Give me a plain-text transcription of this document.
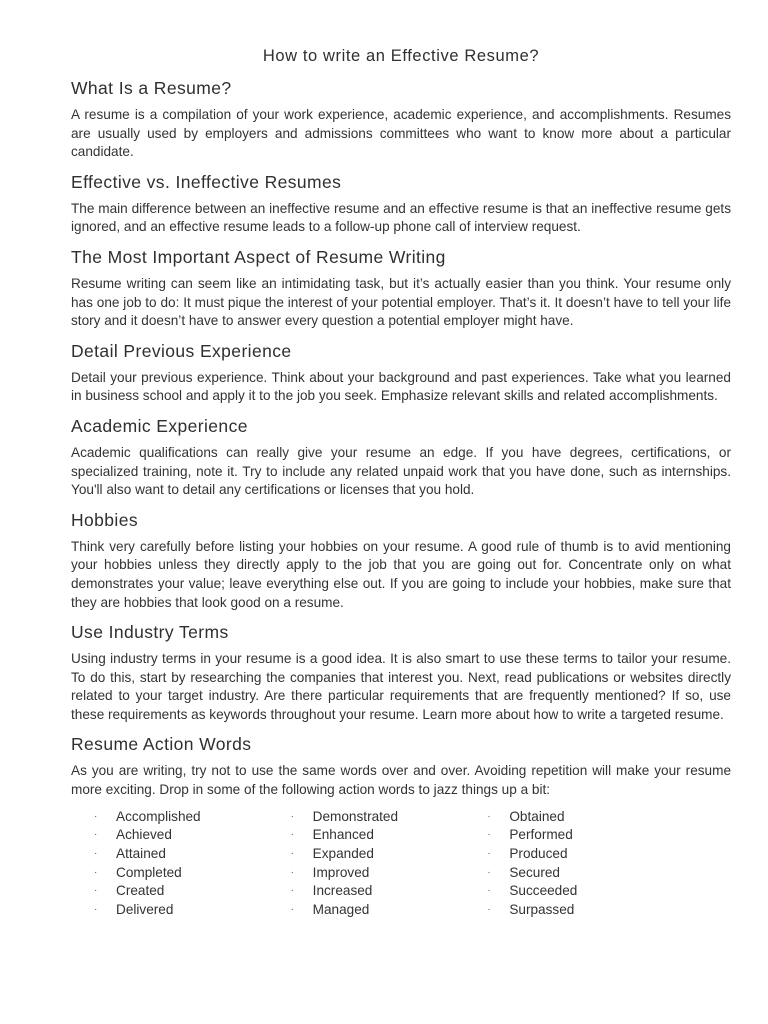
How to write an Effective Resume?
What Is a Resume?

A resume is a compilation of your work experience, academic experience, and accomplishments. Resumes are usually used by employers and admissions committees who want to know more about a particular candidate.

Effective vs. Ineffective Resumes

The main difference between an ineffective resume and an effective resume is that an ineffective resume gets ignored, and an effective resume leads to a follow-up phone call of interview request.

The Most Important Aspect of Resume Writing

Resume writing can seem like an intimidating task, but it’s actually easier than you think. Your resume only has one job to do: It must pique the interest of your potential employer. That’s it. It doesn’t have to tell your life story and it doesn’t have to answer every question a potential employer might have.

Detail Previous Experience

Detail your previous experience. Think about your background and past experiences. Take what you learned in business school and apply it to the job you seek. Emphasize relevant skills and related accomplishments.

Academic Experience

Academic qualifications can really give your resume an edge. If you have degrees, certifications, or specialized training, note it. Try to include any related unpaid work that you have done, such as internships. You'll also want to detail any certifications or licenses that you hold.

Hobbies

Think very carefully before listing your hobbies on your resume. A good rule of thumb is to avid mentioning your hobbies unless they directly apply to the job that you are going out for. Concentrate only on what demonstrates your value; leave everything else out. If you are going to include your hobbies, make sure that they are hobbies that look good on a resume.

Use Industry Terms

Using industry terms in your resume is a good idea. It is also smart to use these terms to tailor your resume. To do this, start by researching the companies that interest you. Next, read publications or websites directly related to your target industry. Are there particular requirements that are frequently mentioned? If so, use these requirements as keywords throughout your resume. Learn more about how to write a targeted resume.

Resume Action Words

As you are writing, try not to use the same words over and over. Avoiding repetition will make your resume more exciting. Drop in some of the following action words to jazz things up a bit:

·	Accomplished
·	Achieved
·	Attained
·	Completed
·	Created
·	Delivered
·	Demonstrated
·	Enhanced
·	Expanded
·	Improved
·	Increased
·	Managed
·	Obtained
·	Performed
·	Produced
·	Secured
·	Succeeded
·	Surpassed
